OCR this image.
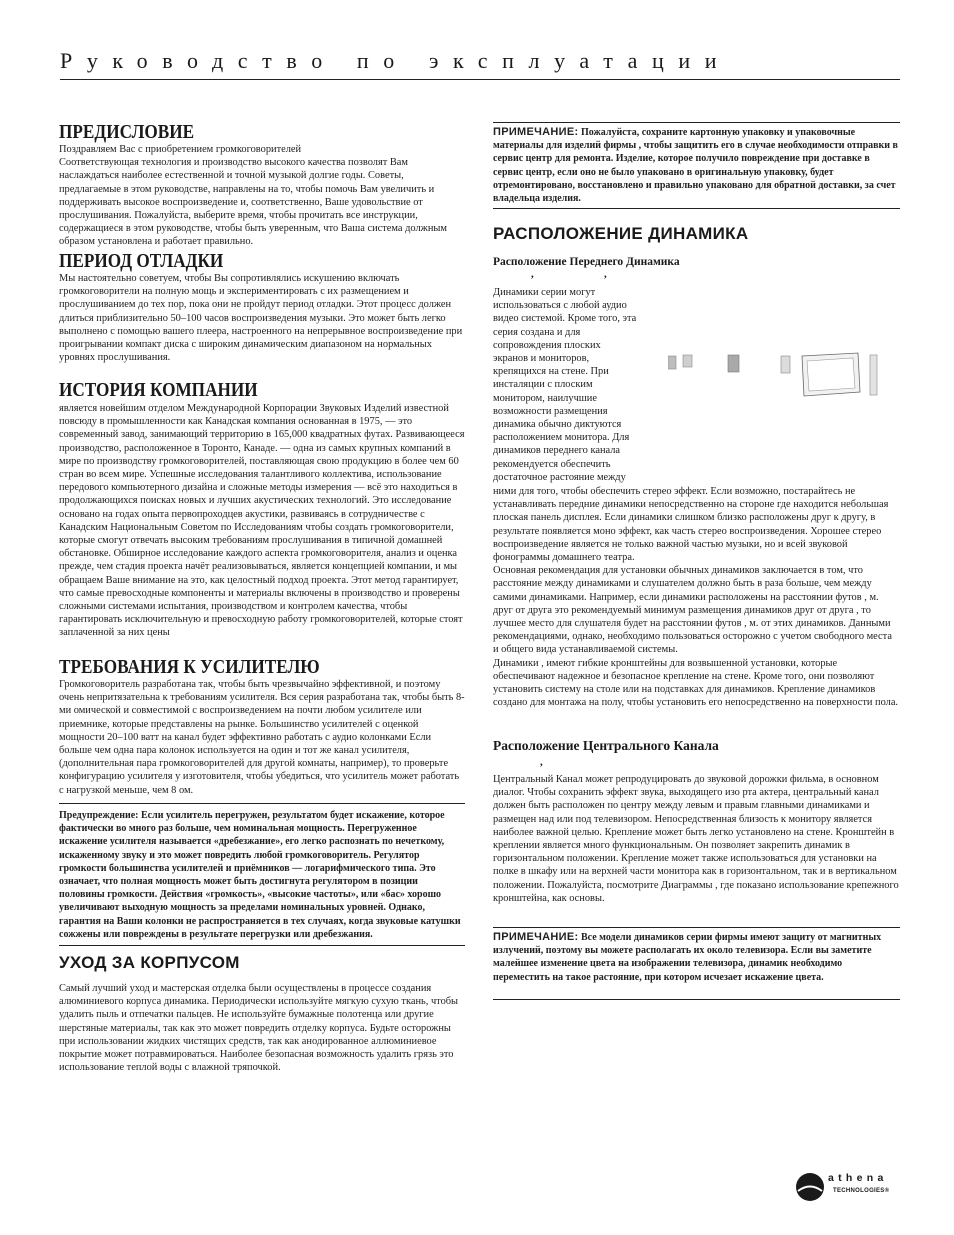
Руководство по эксплуатации
ПРЕДИСЛОВИЕ

Поздравляем Вас с приобретением громкоговорителей
Соответствующая технология и производство высокого качества позволят Вам наслаждаться наиболее естественной и точной музыкой долгие годы. Советы, предлагаемые в этом руководстве, направлены на то, чтобы помочь Вам увеличить и поддерживать высокое воспроизведение и, соответственно, Ваше удовольствие от прослушивания. Пожалуйста, выберите время, чтобы прочитать все инструкции, содержащиеся в этом руководстве, чтобы быть уверенным, что Ваша система должным образом установлена и работает правильно.

ПЕРИОД ОТЛАДКИ

Мы настоятельно советуем, чтобы Вы сопротивлялись искушению включать громкоговорители на полную мощь и экспериментировать с их размещением и прослушиванием до тех пор, пока они не пройдут период отладки. Этот процесс должен длиться приблизительно 50–100 часов воспроизведения музыки. Это может быть легко выполнено с помощью вашего плеера, настроенного на непрерывное воспроизведение при проигрывании компакт диска с широким динамическим диапазоном на нормальных уровнях прослушивания.

ИСТОРИЯ КОМПАНИИ

является новейшим отделом Международной Корпорации Звуковых Изделий известной повсюду в промышленности как Канадская компания основанная в 1975, — это современный завод, занимающий территорию в 165,000 квадратных футах. Развивающееся производство, расположенное в Торонто, Канаде. — одна из самых крупных компаний в мире по производству громкоговорителей, поставляющая свою продукцию в более чем 60 стран во всем мире. Успешные исследования талантливого коллектива, использование передового компьютерного дизайна и сложные методы измерения — всё это находиться в продолжающихся поисках новых и лучших акустических технологий. Это исследование основано на годах опыта первопроходцев акустики, развиваясь в сотрудничестве с Канадским Национальным Советом по Исследованиям чтобы создать громкоговорители, которые смогут отвечать высоким требованиям прослушивания в типичной домашней обстановке. Обширное исследование каждого аспекта громкоговорителя, анализ и оценка прежде, чем стадия проекта начёт реализовываться, является концепцией компании, и мы обращаем Ваше внимание на это, как целостный подход проекта. Этот метод гарантирует, что самые превосходные компоненты и материалы включены в производство и проверены сложными системами испытания, производством и контролем качества, чтобы гарантировать исключительную и превосходную работу громкоговорителей, которые стоят заплаченной за них цены

ТРЕБОВАНИЯ К УСИЛИТЕЛЮ

Громкоговоритель разработана так, чтобы быть чрезвычайно эффективной, и поэтому очень непритязательна к требованиям усилителя. Вся серия разработана так, чтобы быть 8-ми омической и совместимой с воспроизведением на почти любом усилителе или приемнике, которые представлены на рынке. Большинство усилителей с оценкой мощности 20–100 ватт на канал будет эффективно работать с аудио колонками Если больше чем одна пара колонок используется на один и тот же канал усилителя, (дополнительная пара громкоговорителей для другой комнаты, например), то проверьте конфигурацию усилителя у изготовителя, чтобы убедиться, что усилитель может работать с нагрузкой меньше, чем 8 ом.

Предупреждение: Если усилитель перегружен, результатом будет искажение, которое фактически во много раз больше, чем номинальная мощность. Перегруженное искажение усилителя называется «дребезжание», его легко распознать по нечеткому, искаженному звуку и это может повредить любой громкоговоритель. Регулятор громкости большинства усилителей и приёмников — логарифмического типа. Это означает, что полная мощность может быть достигнута регулятором в позиции половины громкости. Действия «громкость», «высокие частоты», или «бас» хорошо увеличивают выходную мощность за пределами номинальных уровней. Однако, гарантия на Ваши колонки не распространяется в тех случаях, когда звуковые катушки сожжены или повреждены в результате перегрузки или дребезжания.

УХОД ЗА КОРПУСОМ

Самый лучший уход и мастерская отделка были осуществлены в процессе создания алюминиевого корпуса динамика. Периодически используйте мягкую сухую ткань, чтобы удалить пыль и отпечатки пальцев. Не используйте бумажные полотенца или другие шерстяные материалы, так как это может повредить отделку корпуса. Будьте осторожны при использовании жидких чистящих средств, так как анодированное аллюминиевое покрытие может потравмироваться. Наиболее безопасная возможность удалить грязь это использование теплой воды с влажной тряпочкой.

ПРИМЕЧАНИЕ: Пожалуйста, сохраните картонную упаковку и упаковочные материалы для изделий фирмы , чтобы защитить его в случае необходимости отправки в сервис центр для ремонта. Изделие, которое получило повреждение при доставке в сервис центр, если оно не было упаковано в оригинальную упаковку, будет отремонтировано, восстановлено и правильно упаковано для обратной доставки, за счет владельца изделия.

РАСПОЛОЖЕНИЕ ДИНАМИКА
Расположение Переднего Динамика
,	,

Динамики серии могут использоваться с любой аудио видео системой. Кроме того, эта серия создана и для сопровождения плоских экранов и мониторов, крепящихся на стене. При инсталяции с плоским монитором, наилучшие возможности размещения динамика обычно диктуются расположением монитора. Для динамиков переднего канала рекомендуется обеспечить достаточное растояние между

ними для того, чтобы обеспечить стерео эффект. Если возможно, постарайтесь не устанавливать передние динамики непосредственно на стороне где находится небольшая плоская панель дисплея. Если динамики слишком близко расположены друг к другу, в результате появляется моно эффект, как часть стерео воспроизведения. Хорошее стерео воспроизведение является не только важной частью музыки, но и всей звуковой фонограммы домашнего театра.
Основная рекомендация для установки обычных динамиков заключается в том, что расстояние между динамиками и слушателем должно быть в раза больше, чем между самими динамиками. Например, если динамики расположены на расстоянии футов , м. друг от друга это рекомендуемый минимум размещения динамиков друг от друга , то лучшее место для слушателя будет на расстоянии футов , м. от этих динамиков. Данными рекомендациями, однако, необходимо пользоваться осторожно с учетом свободного места и общего вида устанавливаемой системы.
Динамики , имеют гибкие кронштейны для возвышенной установки, которые обеспечивают надежное и безопасное крепление на стене. Кроме того, они позволяют установить систему на столе или на подставках для динамиков. Крепление динамиков создано для монтажа на полу, чтобы установить его непосредственно на поверхности пола.

Расположение Центрального Канала
,

Центральный Канал может репродуцировать до звуковой дорожки фильма, в основном диалог. Чтобы сохранить эффект звука, выходящего изо рта актера, центральный канал должен быть расположен по центру между левым и правым главными динамиками и размещен над или под телевизором. Непосредственная близость к монитору является наиболее важной целью. Крепление может быть легко установлено на стене. Кронштейн в креплении является много функциональным. Он позволяет закрепить динамик в горизонтальном положении. Крепление может также использоваться для установки на полке в шкафу или на верхней части монитора как в горизонтальном, так и в вертикальном положении. Пожалуйста, посмотрите Диаграммы , где показано использование крепежного кронштейна, как основы.

ПРИМЕЧАНИЕ: Все модели динамиков серии фирмы имеют защиту от магнитных излучений, поэтому вы можете располагать их около телевизора. Если вы заметите малейшее изменение цвета на изображении телевизора, динамик необходимо переместить на такое растояние, при котором исчезает искажение цвета.

athena
TECHNOLOGIES®
